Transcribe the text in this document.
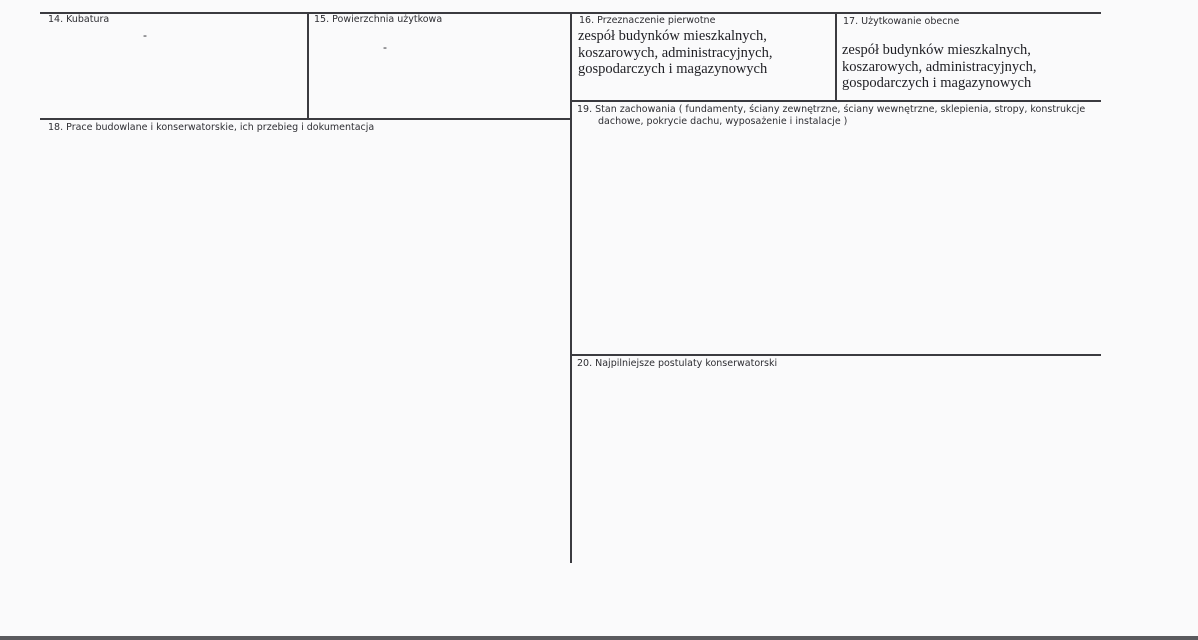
14. Kubatura
-
15. Powierzchnia użytkowa
-
16. Przeznaczenie pierwotne
zespół budynków mieszkalnych,
koszarowych, administracyjnych,
gospodarczych i magazynowych
17. Użytkowanie obecne
zespół budynków mieszkalnych,
koszarowych, administracyjnych,
gospodarczych i magazynowych
18. Prace budowlane i konserwatorskie, ich przebieg i dokumentacja
19. Stan zachowania ( fundamenty, ściany zewnętrzne, ściany wewnętrzne, sklepienia, stropy, konstrukcje
dachowe, pokrycie dachu, wyposażenie i instalacje )
20. Najpilniejsze postulaty konserwatorski
